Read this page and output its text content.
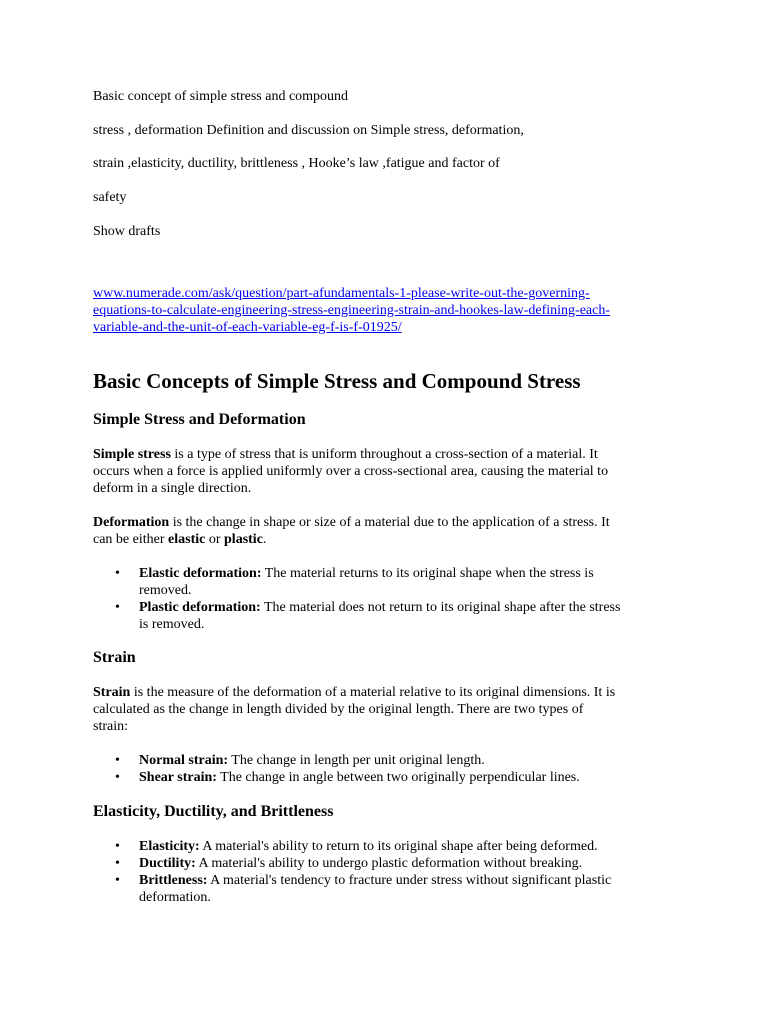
Basic concept of simple stress and compound
stress , deformation Definition and discussion on Simple stress, deformation,
strain ,elasticity, ductility, brittleness , Hooke’s law ,fatigue and factor of
safety
Show drafts
www.numerade.com/ask/question/part-afundamentals-1-please-write-out-the-governing-
equations-to-calculate-engineering-stress-engineering-strain-and-hookes-law-defining-each-
variable-and-the-unit-of-each-variable-eg-f-is-f-01925/
Basic Concepts of Simple Stress and Compound Stress
Simple Stress and Deformation
Simple stress is a type of stress that is uniform throughout a cross-section of a material. It
occurs when a force is applied uniformly over a cross-sectional area, causing the material to
deform in a single direction.
Deformation is the change in shape or size of a material due to the application of a stress. It
can be either elastic or plastic.
• Elastic deformation: The material returns to its original shape when the stress is
removed.
• Plastic deformation: The material does not return to its original shape after the stress
is removed.
Strain
Strain is the measure of the deformation of a material relative to its original dimensions. It is
calculated as the change in length divided by the original length. There are two types of
strain:
• Normal strain: The change in length per unit original length.
• Shear strain: The change in angle between two originally perpendicular lines.
Elasticity, Ductility, and Brittleness
• Elasticity: A material's ability to return to its original shape after being deformed.
• Ductility: A material's ability to undergo plastic deformation without breaking.
• Brittleness: A material's tendency to fracture under stress without significant plastic
deformation.
